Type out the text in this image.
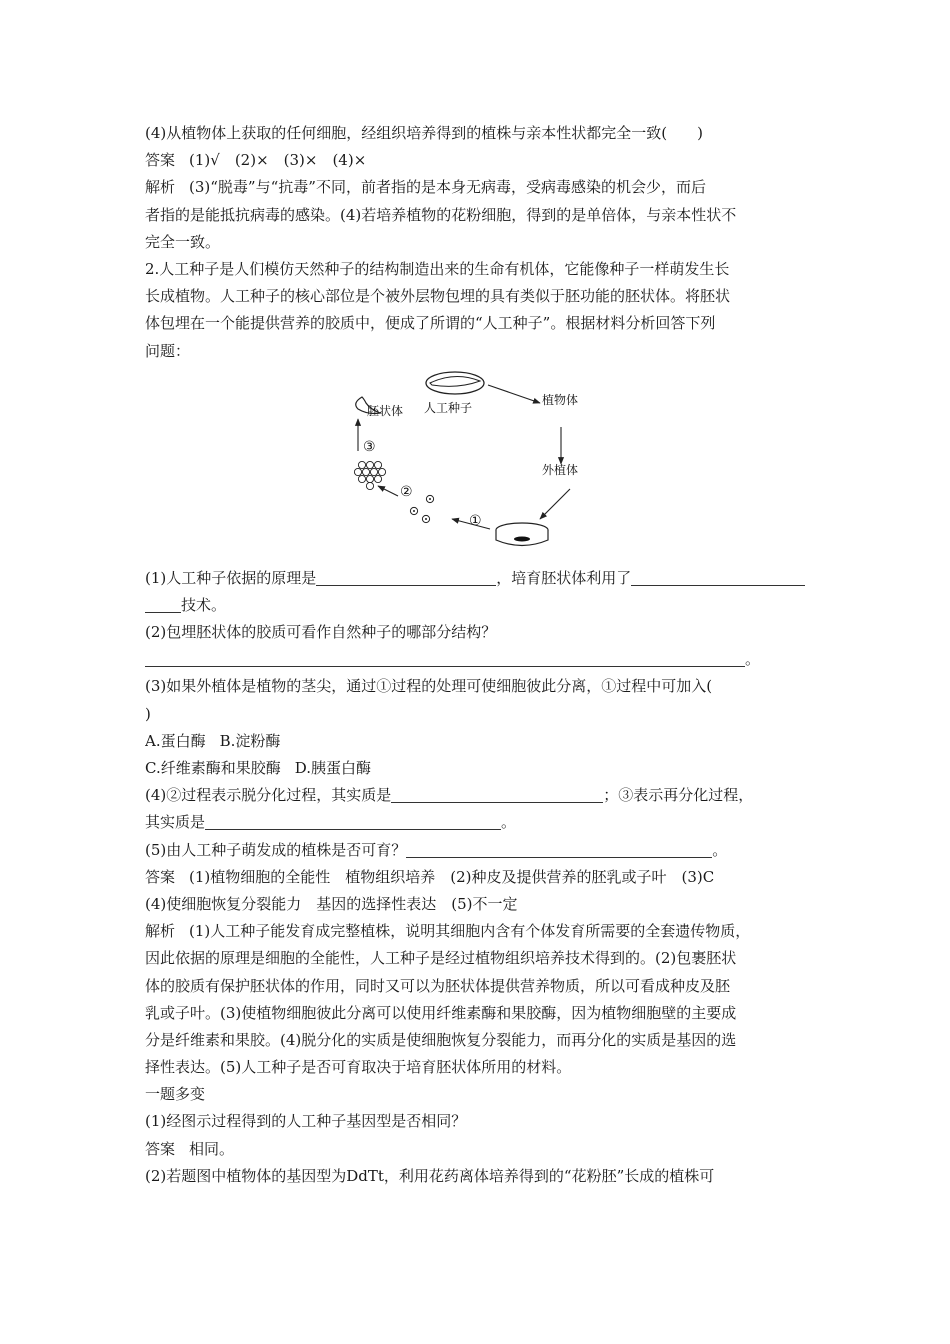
(4)从植物体上获取的任何细胞，经组织培养得到的植株与亲本性状都完全一致(　　)
答案 (1)√　(2)×　(3)×　(4)×
解析 (3)“脱毒”与“抗毒”不同，前者指的是本身无病毒，受病毒感染的机会少，而后
者指的是能抵抗病毒的感染。(4)若培养植物的花粉细胞，得到的是单倍体，与亲本性状不
完全一致。
2.人工种子是人们模仿天然种子的结构制造出来的生命有机体，它能像种子一样萌发生长
长成植物。人工种子的核心部位是个被外层物包埋的具有类似于胚功能的胚状体。将胚状
体包埋在一个能提供营养的胶质中，便成了所谓的“人工种子”。根据材料分析回答下列
问题：
人工种子
植物体
外植体
胚状体
①
②
③
(1)人工种子依据的原理是	，培育胚状体利用了
技术。
(2)包埋胚状体的胶质可看作自然种子的哪部分结构？
。
(3)如果外植体是植物的茎尖，通过①过程的处理可使细胞彼此分离，①过程中可加入(
)
A.蛋白酶 B.淀粉酶
C.纤维素酶和果胶酶 D.胰蛋白酶
(4)②过程表示脱分化过程，其实质是	；③表示再分化过程，
其实质是	。
(5)由人工种子萌发成的植株是否可育？	。
答案 (1)植物细胞的全能性　植物组织培养　(2)种皮及提供营养的胚乳或子叶　(3)C
(4)使细胞恢复分裂能力　基因的选择性表达　(5)不一定
解析 (1)人工种子能发育成完整植株，说明其细胞内含有个体发育所需要的全套遗传物质，
因此依据的原理是细胞的全能性，人工种子是经过植物组织培养技术得到的。(2)包裹胚状
体的胶质有保护胚状体的作用，同时又可以为胚状体提供营养物质，所以可看成种皮及胚
乳或子叶。(3)使植物细胞彼此分离可以使用纤维素酶和果胶酶，因为植物细胞壁的主要成
分是纤维素和果胶。(4)脱分化的实质是使细胞恢复分裂能力，而再分化的实质是基因的选
择性表达。(5)人工种子是否可育取决于培育胚状体所用的材料。
一题多变
(1)经图示过程得到的人工种子基因型是否相同？
答案 相同。
(2)若题图中植物体的基因型为DdTt，利用花药离体培养得到的“花粉胚”长成的植株可
